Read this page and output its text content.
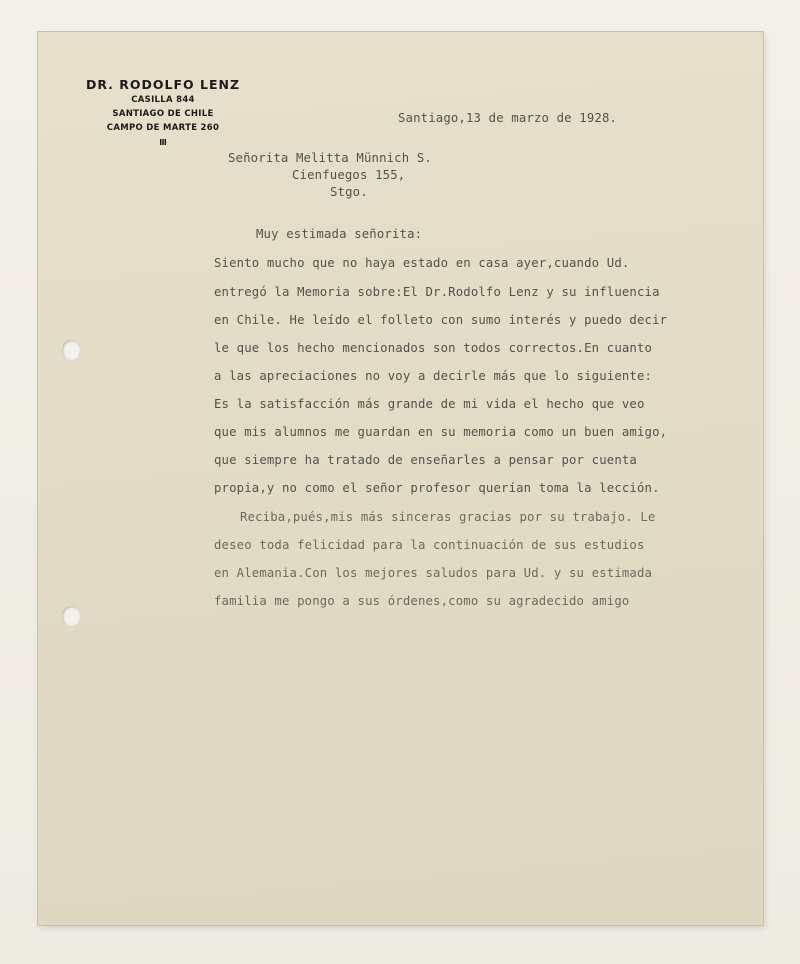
DR. RODOLFO LENZ
CASILLA 844
SANTIAGO DE CHILE
CAMPO DE MARTE 260
Ⅲ
Santiago,13 de marzo de 1928.
Señorita Melitta Münnich S.
Cienfuegos 155,
Stgo.
Muy estimada señorita:
Siento mucho que no haya estado en casa ayer,cuando Ud.
entregó la Memoria sobre:El Dr.Rodolfo Lenz y su influencia
en Chile. He leído el folleto con sumo interés y puedo decir
le que los hecho mencionados son todos correctos.En cuanto
a las apreciaciones no voy a decirle más que lo siguiente:
Es la satisfacción más grande de mi vida el hecho que veo
que mis alumnos me guardan en su memoria como un buen amigo,
que siempre ha tratado de enseñarles a pensar por cuenta
propia,y no como el señor profesor querían toma la lección.
Reciba,pués,mis más sinceras gracias por su trabajo. Le
deseo toda felicidad para la continuación de sus estudios
en Alemania.Con los mejores saludos para Ud. y su estimada
familia me pongo a sus órdenes,como su agradecido amigo
